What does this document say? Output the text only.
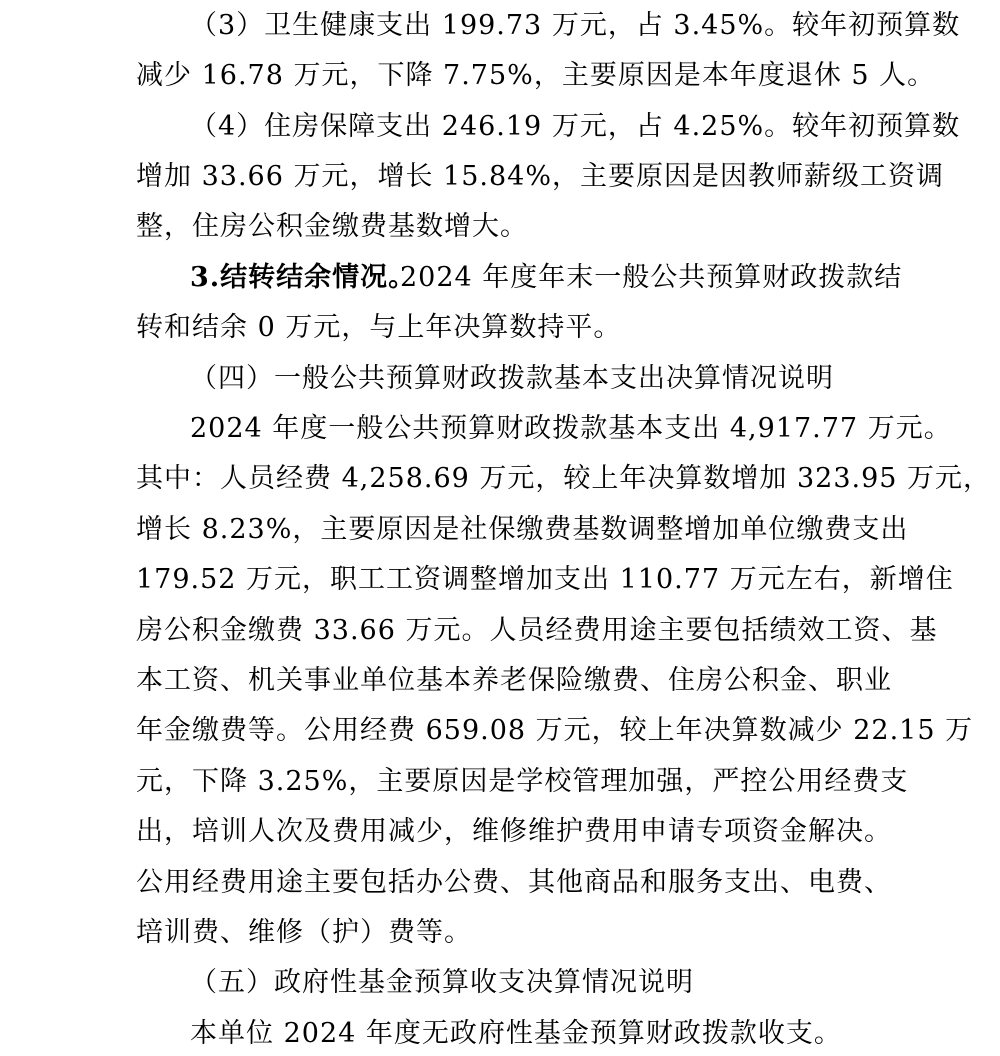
（3）卫生健康支出 199.73 万元，占 3.45%。较年初预算数
减少 16.78 万元，下降 7.75%，主要原因是本年度退休 5 人。
（4）住房保障支出 246.19 万元，占 4.25%。较年初预算数
增加 33.66 万元，增长 15.84%，主要原因是因教师薪级工资调
整，住房公积金缴费基数增大。
3.结转结余情况。
2024 年度年末一般公共预算财政拨款结
转和结余 0 万元，与上年决算数持平。
（四）一般公共预算财政拨款基本支出决算情况说明
2024 年度一般公共预算财政拨款基本支出 4,917.77 万元。
其中：人员经费 4,258.69 万元，较上年决算数增加 323.95 万元，
增长 8.23%，主要原因是社保缴费基数调整增加单位缴费支出
179.52 万元，职工工资调整增加支出 110.77 万元左右，新增住
房公积金缴费 33.66 万元。人员经费用途主要包括绩效工资、基
本工资、机关事业单位基本养老保险缴费、住房公积金、职业
年金缴费等。公用经费 659.08 万元，较上年决算数减少 22.15 万
元，下降 3.25%，主要原因是学校管理加强，严控公用经费支
出，培训人次及费用减少，维修维护费用申请专项资金解决。
公用经费用途主要包括办公费、其他商品和服务支出、电费、
培训费、维修（护）费等。
（五）政府性基金预算收支决算情况说明
本单位 2024 年度无政府性基金预算财政拨款收支。
